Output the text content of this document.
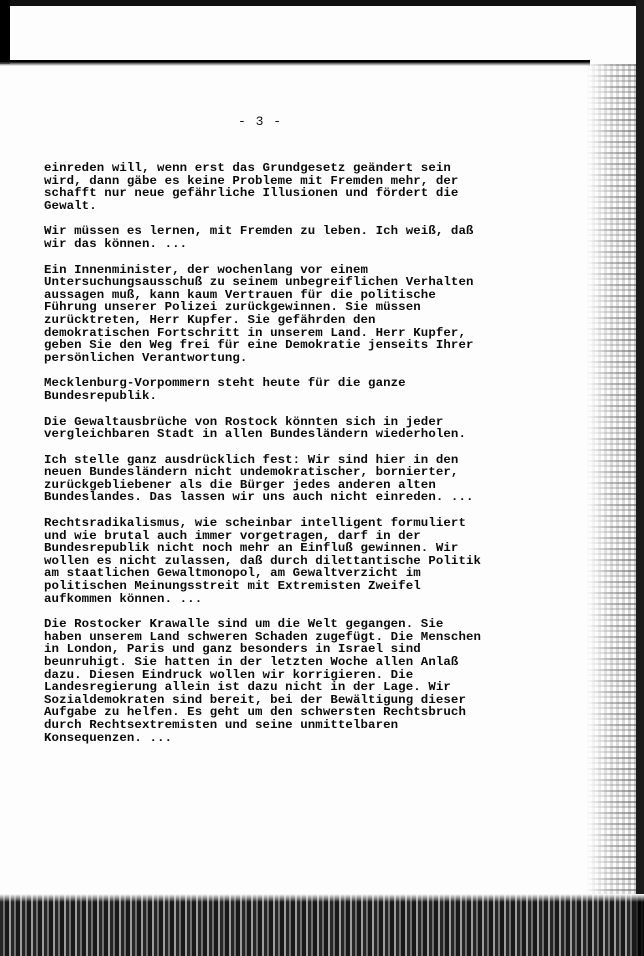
- 3 -
einreden will, wenn erst das Grundgesetz geändert sein
wird, dann gäbe es keine Probleme mit Fremden mehr, der
schafft nur neue gefährliche Illusionen und fördert die
Gewalt.
Wir müssen es lernen, mit Fremden zu leben. Ich weiß, daß
wir das können. ...
Ein Innenminister, der wochenlang vor einem
Untersuchungsausschuß zu seinem unbegreiflichen Verhalten
aussagen muß, kann kaum Vertrauen für die politische
Führung unserer Polizei zurückgewinnen. Sie müssen
zurücktreten, Herr Kupfer. Sie gefährden den
demokratischen Fortschritt in unserem Land. Herr Kupfer,
geben Sie den Weg frei für eine Demokratie jenseits Ihrer
persönlichen Verantwortung.
Mecklenburg-Vorpommern steht heute für die ganze
Bundesrepublik.
Die Gewaltausbrüche von Rostock könnten sich in jeder
vergleichbaren Stadt in allen Bundesländern wiederholen.
Ich stelle ganz ausdrücklich fest: Wir sind hier in den
neuen Bundesländern nicht undemokratischer, bornierter,
zurückgebliebener als die Bürger jedes anderen alten
Bundeslandes. Das lassen wir uns auch nicht einreden. ...
Rechtsradikalismus, wie scheinbar intelligent formuliert
und wie brutal auch immer vorgetragen, darf in der
Bundesrepublik nicht noch mehr an Einfluß gewinnen. Wir
wollen es nicht zulassen, daß durch dilettantische Politik
am staatlichen Gewaltmonopol, am Gewaltverzicht im
politischen Meinungsstreit mit Extremisten Zweifel
aufkommen können. ...
Die Rostocker Krawalle sind um die Welt gegangen. Sie
haben unserem Land schweren Schaden zugefügt. Die Menschen
in London, Paris und ganz besonders in Israel sind
beunruhigt. Sie hatten in der letzten Woche allen Anlaß
dazu. Diesen Eindruck wollen wir korrigieren. Die
Landesregierung allein ist dazu nicht in der Lage. Wir
Sozialdemokraten sind bereit, bei der Bewältigung dieser
Aufgabe zu helfen. Es geht um den schwersten Rechtsbruch
durch Rechtsextremisten und seine unmittelbaren
Konsequenzen. ...
